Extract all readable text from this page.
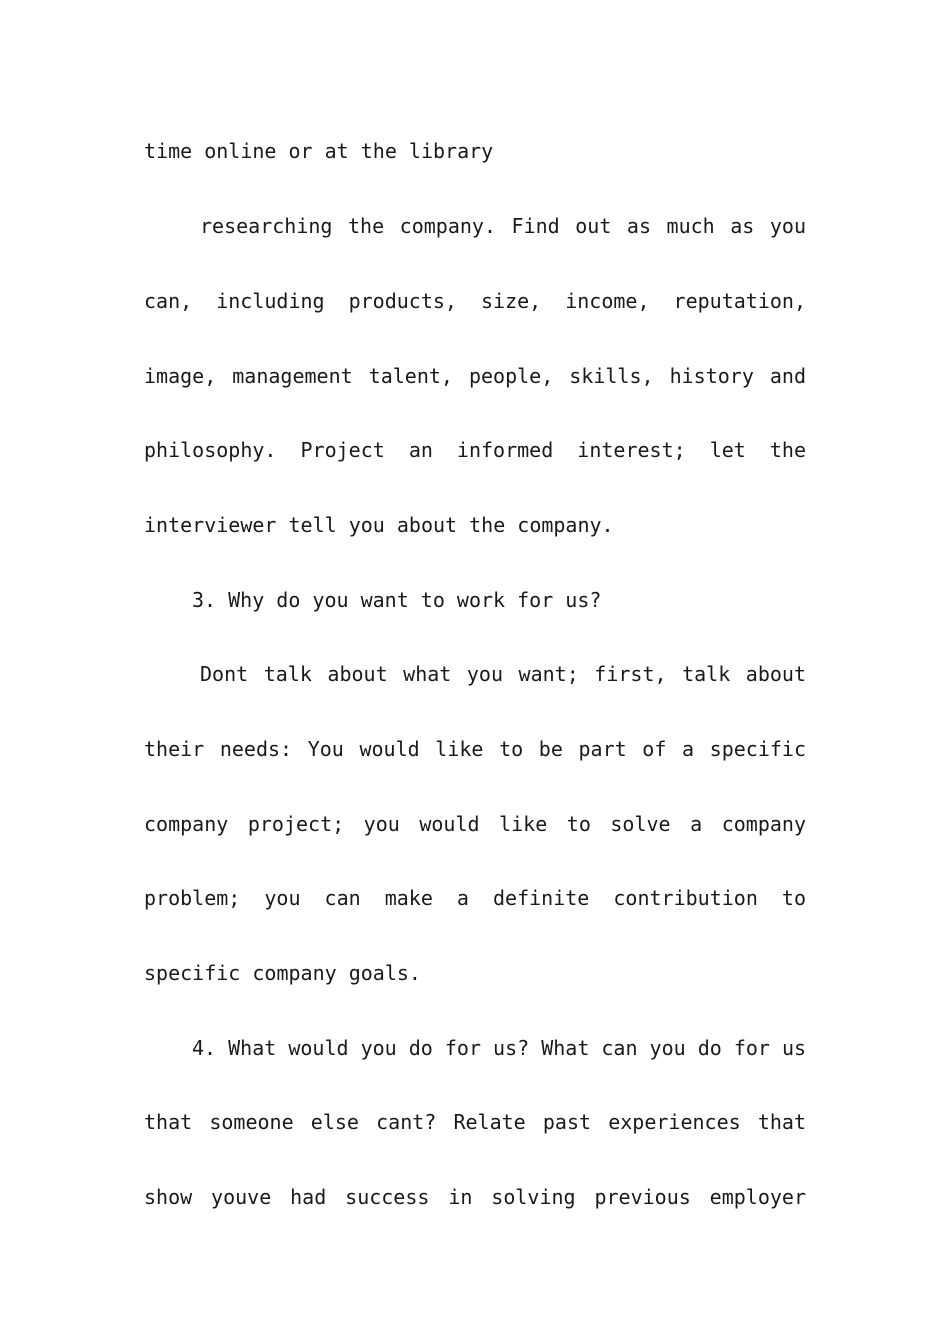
time online or at the library
researching the company. Find out as much as you
can, including products, size, income, reputation,
image, management talent, people, skills, history and
philosophy. Project an informed interest; let the
interviewer tell you about the company.
3. Why do you want to work for us?
Dont talk about what you want; first, talk about
their needs: You would like to be part of a specific
company project; you would like to solve a company
problem; you can make a definite contribution to
specific company goals.
4. What would you do for us? What can you do for us
that someone else cant? Relate past experiences that
show youve had success in solving previous employer
